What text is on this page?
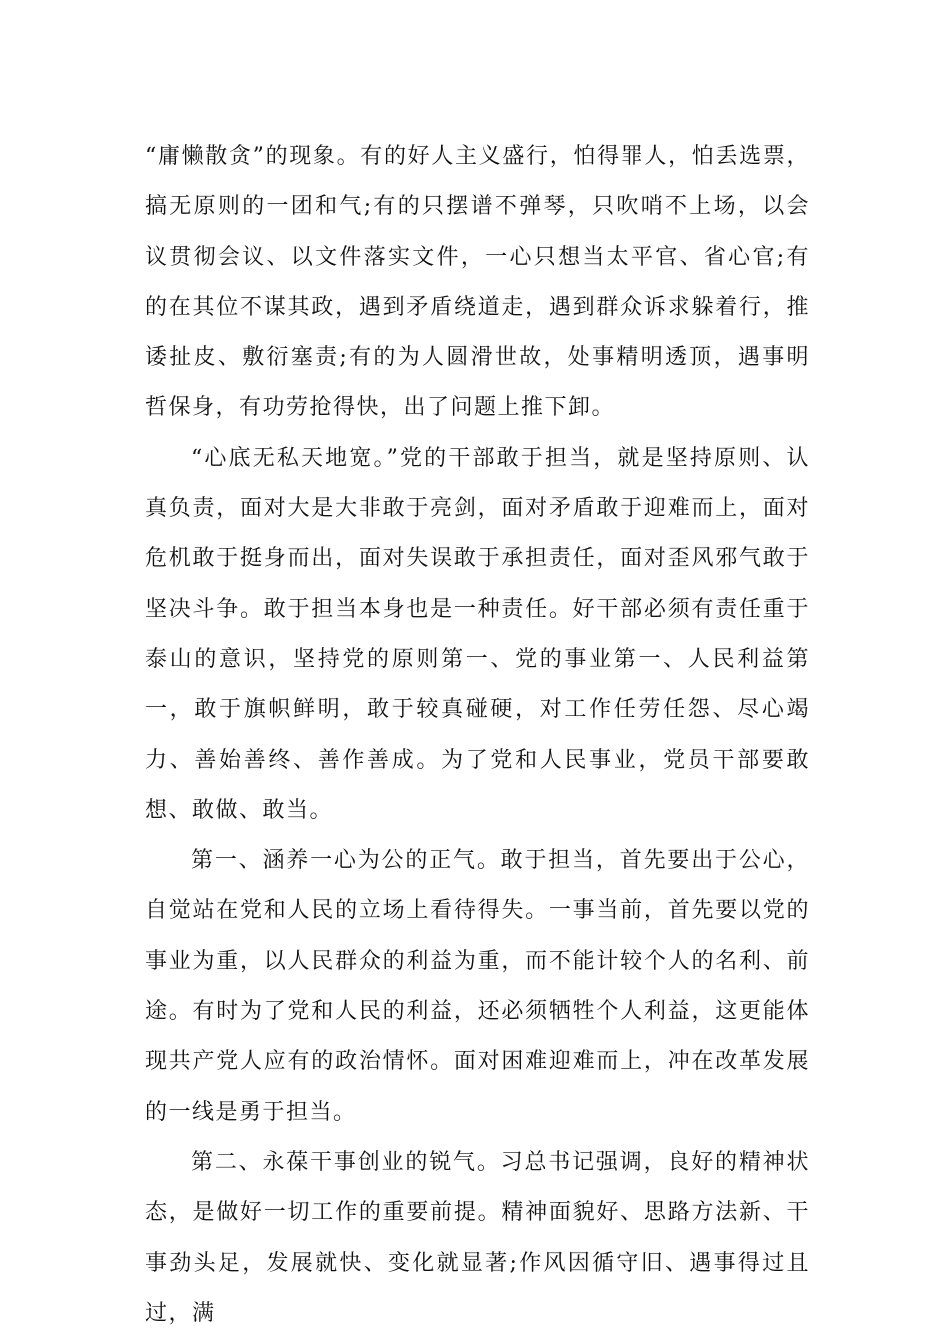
“庸懒散贪”的现象。有的好人主义盛行，怕得罪人，怕丢选票，搞无原则的一团和气;有的只摆谱不弹琴，只吹哨不上场，以会议贯彻会议、以文件落实文件，一心只想当太平官、省心官;有的在其位不谋其政，遇到矛盾绕道走，遇到群众诉求躲着行，推诿扯皮、敷衍塞责;有的为人圆滑世故，处事精明透顶，遇事明哲保身，有功劳抢得快，出了问题上推下卸。

“心底无私天地宽。”党的干部敢于担当，就是坚持原则、认真负责，面对大是大非敢于亮剑，面对矛盾敢于迎难而上，面对危机敢于挺身而出，面对失误敢于承担责任，面对歪风邪气敢于坚决斗争。敢于担当本身也是一种责任。好干部必须有责任重于泰山的意识，坚持党的原则第一、党的事业第一、人民利益第一，敢于旗帜鲜明，敢于较真碰硬，对工作任劳任怨、尽心竭力、善始善终、善作善成。为了党和人民事业，党员干部要敢想、敢做、敢当。

第一、涵养一心为公的正气。敢于担当，首先要出于公心，自觉站在党和人民的立场上看待得失。一事当前，首先要以党的事业为重，以人民群众的利益为重，而不能计较个人的名利、前途。有时为了党和人民的利益，还必须牺牲个人利益，这更能体现共产党人应有的政治情怀。面对困难迎难而上，冲在改革发展的一线是勇于担当。

第二、永葆干事创业的锐气。习总书记强调，良好的精神状态，是做好一切工作的重要前提。精神面貌好、思路方法新、干事劲头足，发展就快、变化就显著;作风因循守旧、遇事得过且过，满
